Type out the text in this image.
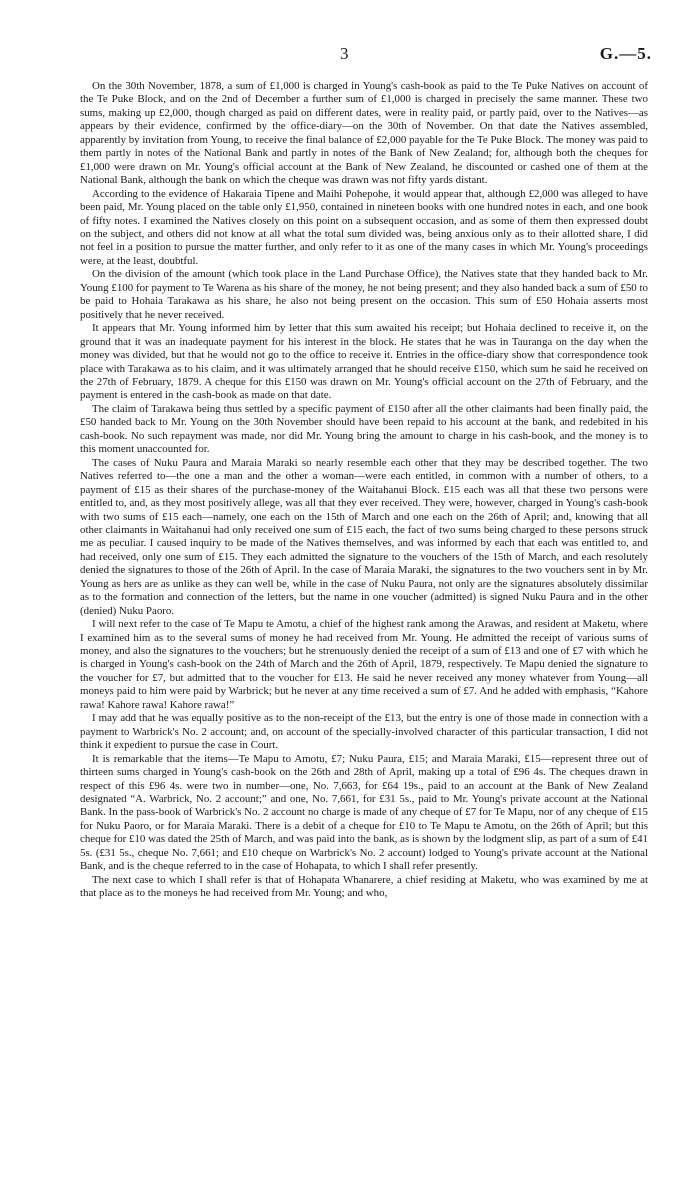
3	G.—5.

On the 30th November, 1878, a sum of £1,000 is charged in Young's cash-book as paid to the Te Puke Natives on account of the Te Puke Block, and on the 2nd of December a further sum of £1,000 is charged in precisely the same manner. These two sums, making up £2,000, though charged as paid on different dates, were in reality paid, or partly paid, over to the Natives—as appears by their evidence, confirmed by the office-diary—on the 30th of November. On that date the Natives assembled, apparently by invitation from Young, to receive the final balance of £2,000 payable for the Te Puke Block. The money was paid to them partly in notes of the National Bank and partly in notes of the Bank of New Zealand; for, although both the cheques for £1,000 were drawn on Mr. Young's official account at the Bank of New Zealand, he discounted or cashed one of them at the National Bank, although the bank on which the cheque was drawn was not fifty yards distant.

According to the evidence of Hakaraia Tipene and Maihi Pohepohe, it would appear that, although £2,000 was alleged to have been paid, Mr. Young placed on the table only £1,950, contained in nineteen books with one hundred notes in each, and one book of fifty notes. I examined the Natives closely on this point on a subsequent occasion, and as some of them then expressed doubt on the subject, and others did not know at all what the total sum divided was, being anxious only as to their allotted share, I did not feel in a position to pursue the matter further, and only refer to it as one of the many cases in which Mr. Young's proceedings were, at the least, doubtful.

On the division of the amount (which took place in the Land Purchase Office), the Natives state that they handed back to Mr. Young £100 for payment to Te Warena as his share of the money, he not being present; and they also handed back a sum of £50 to be paid to Hohaia Tarakawa as his share, he also not being present on the occasion. This sum of £50 Hohaia asserts most positively that he never received.

It appears that Mr. Young informed him by letter that this sum awaited his receipt; but Hohaia declined to receive it, on the ground that it was an inadequate payment for his interest in the block. He states that he was in Tauranga on the day when the money was divided, but that he would not go to the office to receive it. Entries in the office-diary show that correspondence took place with Tarakawa as to his claim, and it was ultimately arranged that he should receive £150, which sum he said he received on the 27th of February, 1879. A cheque for this £150 was drawn on Mr. Young's official account on the 27th of February, and the payment is entered in the cash-book as made on that date.

The claim of Tarakawa being thus settled by a specific payment of £150 after all the other claimants had been finally paid, the £50 handed back to Mr. Young on the 30th November should have been repaid to his account at the bank, and redebited in his cash-book. No such repayment was made, nor did Mr. Young bring the amount to charge in his cash-book, and the money is to this moment unaccounted for.

The cases of Nuku Paura and Maraia Maraki so nearly resemble each other that they may be described together. The two Natives referred to—the one a man and the other a woman—were each entitled, in common with a number of others, to a payment of £15 as their shares of the purchase-money of the Waitahanui Block. £15 each was all that these two persons were entitled to, and, as they most positively allege, was all that they ever received. They were, however, charged in Young's cash-book with two sums of £15 each—namely, one each on the 15th of March and one each on the 26th of April; and, knowing that all other claimants in Waitahanui had only received one sum of £15 each, the fact of two sums being charged to these persons struck me as peculiar. I caused inquiry to be made of the Natives themselves, and was informed by each that each was entitled to, and had received, only one sum of £15. They each admitted the signature to the vouchers of the 15th of March, and each resolutely denied the signatures to those of the 26th of April. In the case of Maraia Maraki, the signatures to the two vouchers sent in by Mr. Young as hers are as unlike as they can well be, while in the case of Nuku Paura, not only are the signatures absolutely dissimilar as to the formation and connection of the letters, but the name in one voucher (admitted) is signed Nuku Paura and in the other (denied) Nuku Paoro.

I will next refer to the case of Te Mapu te Amotu, a chief of the highest rank among the Arawas, and resident at Maketu, where I examined him as to the several sums of money he had received from Mr. Young. He admitted the receipt of various sums of money, and also the signatures to the vouchers; but he strenuously denied the receipt of a sum of £13 and one of £7 with which he is charged in Young's cash-book on the 24th of March and the 26th of April, 1879, respectively. Te Mapu denied the signature to the voucher for £7, but admitted that to the voucher for £13. He said he never received any money whatever from Young—all moneys paid to him were paid by Warbrick; but he never at any time received a sum of £7. And he added with emphasis, “Kahore rawa! Kahore rawa! Kahore rawa!”

I may add that he was equally positive as to the non-receipt of the £13, but the entry is one of those made in connection with a payment to Warbrick's No. 2 account; and, on account of the specially-involved character of this particular transaction, I did not think it expedient to pursue the case in Court.

It is remarkable that the items—Te Mapu to Amotu, £7; Nuku Paura, £15; and Maraia Maraki, £15—represent three out of thirteen sums charged in Young's cash-book on the 26th and 28th of April, making up a total of £96 4s. The cheques drawn in respect of this £96 4s. were two in number—one, No. 7,663, for £64 19s., paid to an account at the Bank of New Zealand designated “A. Warbrick, No. 2 account;” and one, No. 7,661, for £31 5s., paid to Mr. Young's private account at the National Bank. In the pass-book of Warbrick's No. 2 account no charge is made of any cheque of £7 for Te Mapu, nor of any cheque of £15 for Nuku Paoro, or for Maraia Maraki. There is a debit of a cheque for £10 to Te Mapu te Amotu, on the 26th of April; but this cheque for £10 was dated the 25th of March, and was paid into the bank, as is shown by the lodgment slip, as part of a sum of £41 5s. (£31 5s., cheque No. 7,661; and £10 cheque on Warbrick's No. 2 account) lodged to Young's private account at the National Bank, and is the cheque referred to in the case of Hohapata, to which I shall refer presently.

The next case to which I shall refer is that of Hohapata Whanarere, a chief residing at Maketu, who was examined by me at that place as to the moneys he had received from Mr. Young; and who,
